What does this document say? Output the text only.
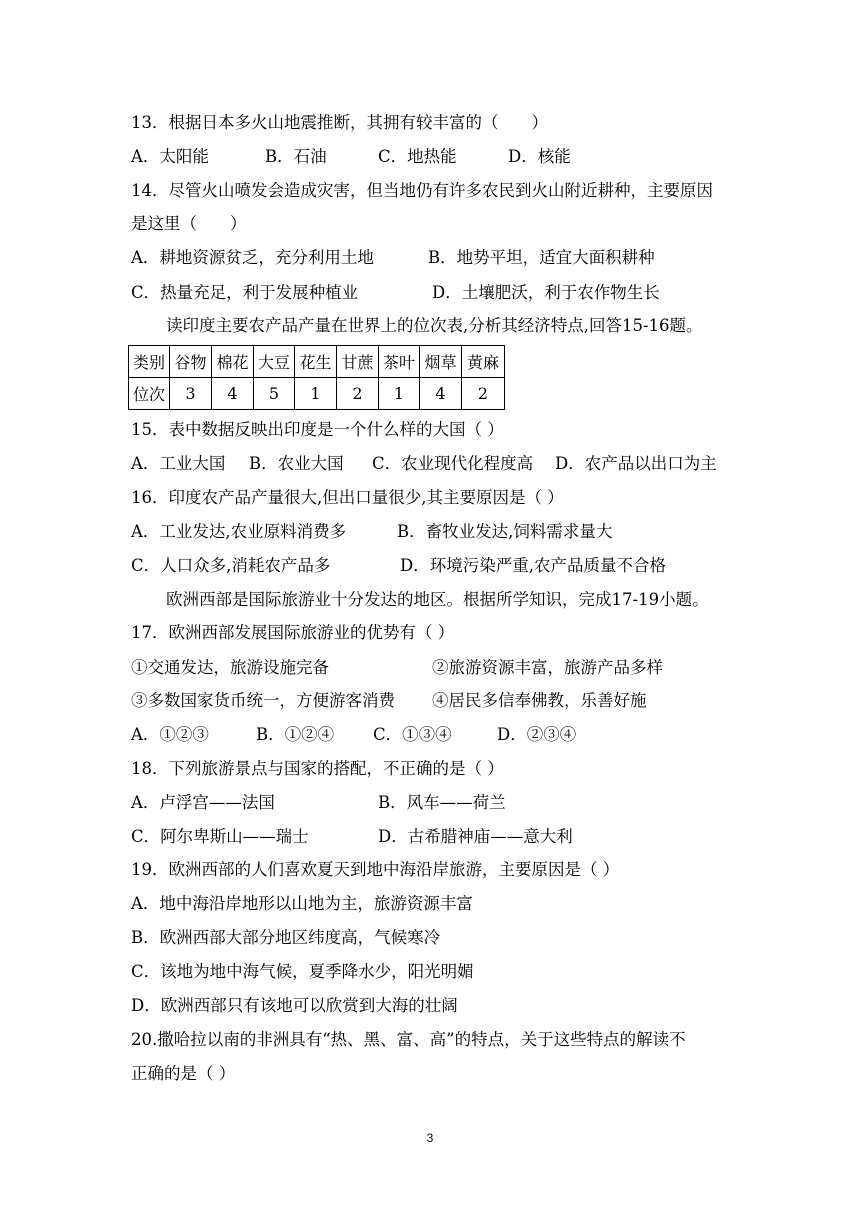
13．根据日本多火山地震推断，其拥有较丰富的（　　）
A．太阳能	B．石油	C．地热能	D．核能
14．尽管火山喷发会造成灾害，但当地仍有许多农民到火山附近耕种，主要原因
是这里（　　）
A．耕地资源贫乏，充分利用土地	B．地势平坦，适宜大面积耕种
C．热量充足，利于发展种植业	D．土壤肥沃，利于农作物生长
读印度主要农产品产量在世界上的位次表,分析其经济特点,回答15-16题。
类别	谷物	棉花	大豆	花生	甘蔗	茶叶	烟草	黄麻
位次	3	4	5	1	2	1	4	2
15．表中数据反映出印度是一个什么样的大国（ ）
A．工业大国 B．农业大国 C．农业现代化程度高 D．农产品以出口为主
16．印度农产品产量很大,但出口量很少,其主要原因是（ ）
A．工业发达,农业原料消费多	B．畜牧业发达,饲料需求量大
C．人口众多,消耗农产品多	D．环境污染严重,农产品质量不合格
欧洲西部是国际旅游业十分发达的地区。根据所学知识，完成17-19小题。
17．欧洲西部发展国际旅游业的优势有（ ）
①交通发达，旅游设施完备	②旅游资源丰富，旅游产品多样
③多数国家货币统一，方便游客消费 ④居民多信奉佛教，乐善好施
A．①②③	B．①②④ C．①③④	D．②③④
18．下列旅游景点与国家的搭配，不正确的是（ ）
A．卢浮宫——法国	B．风车——荷兰
C．阿尔卑斯山——瑞士	D．古希腊神庙——意大利
19．欧洲西部的人们喜欢夏天到地中海沿岸旅游，主要原因是（ ）
A．地中海沿岸地形以山地为主，旅游资源丰富
B．欧洲西部大部分地区纬度高，气候寒冷
C．该地为地中海气候，夏季降水少，阳光明媚
D．欧洲西部只有该地可以欣赏到大海的壮阔
20.撒哈拉以南的非洲具有“热、黑、富、高”的特点，关于这些特点的解读不
正确的是（ ）
3
